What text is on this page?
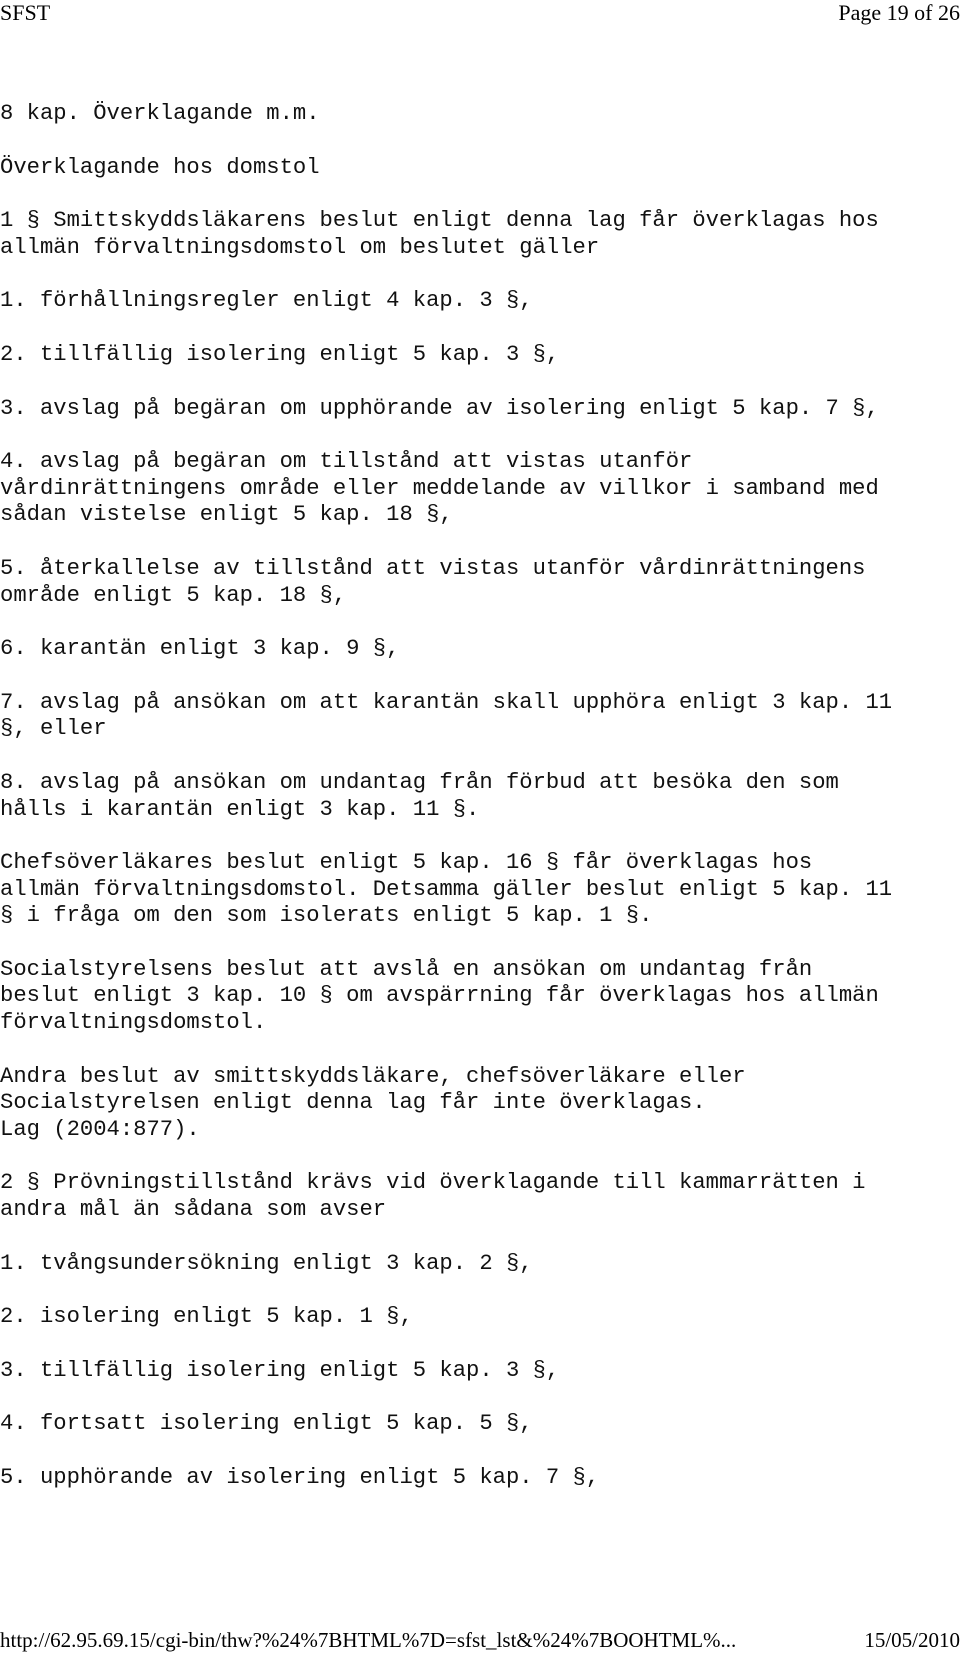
SFST	Page 19 of 26

8 kap. Överklagande m.m.

Överklagande hos domstol

1 § Smittskyddsläkarens beslut enligt denna lag får överklagas hos allmän förvaltningsdomstol om beslutet gäller

1. förhållningsregler enligt 4 kap. 3 §,

2. tillfällig isolering enligt 5 kap. 3 §,

3. avslag på begäran om upphörande av isolering enligt 5 kap. 7 §,

4. avslag på begäran om tillstånd att vistas utanför vårdinrättningens område eller meddelande av villkor i samband med sådan vistelse enligt 5 kap. 18 §,

5. återkallelse av tillstånd att vistas utanför vårdinrättningens område enligt 5 kap. 18 §,

6. karantän enligt 3 kap. 9 §,

7. avslag på ansökan om att karantän skall upphöra enligt 3 kap. 11 §, eller

8. avslag på ansökan om undantag från förbud att besöka den som hålls i karantän enligt 3 kap. 11 §.

Chefsöverläkares beslut enligt 5 kap. 16 § får överklagas hos allmän förvaltningsdomstol. Detsamma gäller beslut enligt 5 kap. 11 § i fråga om den som isolerats enligt 5 kap. 1 §.

Socialstyrelsens beslut att avslå en ansökan om undantag från beslut enligt 3 kap. 10 § om avspärrning får överklagas hos allmän förvaltningsdomstol.

Andra beslut av smittskyddsläkare, chefsöverläkare eller Socialstyrelsen enligt denna lag får inte överklagas.

Lag (2004:877).

2 § Prövningstillstånd krävs vid överklagande till kammarrätten i andra mål än sådana som avser

1. tvångsundersökning enligt 3 kap. 2 §,

2. isolering enligt 5 kap. 1 §,

3. tillfällig isolering enligt 5 kap. 3 §,

4. fortsatt isolering enligt 5 kap. 5 §,

5. upphörande av isolering enligt 5 kap. 7 §,

http://62.95.69.15/cgi-bin/thw?%24%7BHTML%7D=sfst_lst&%24%7BOOHTML%...	15/05/2010
